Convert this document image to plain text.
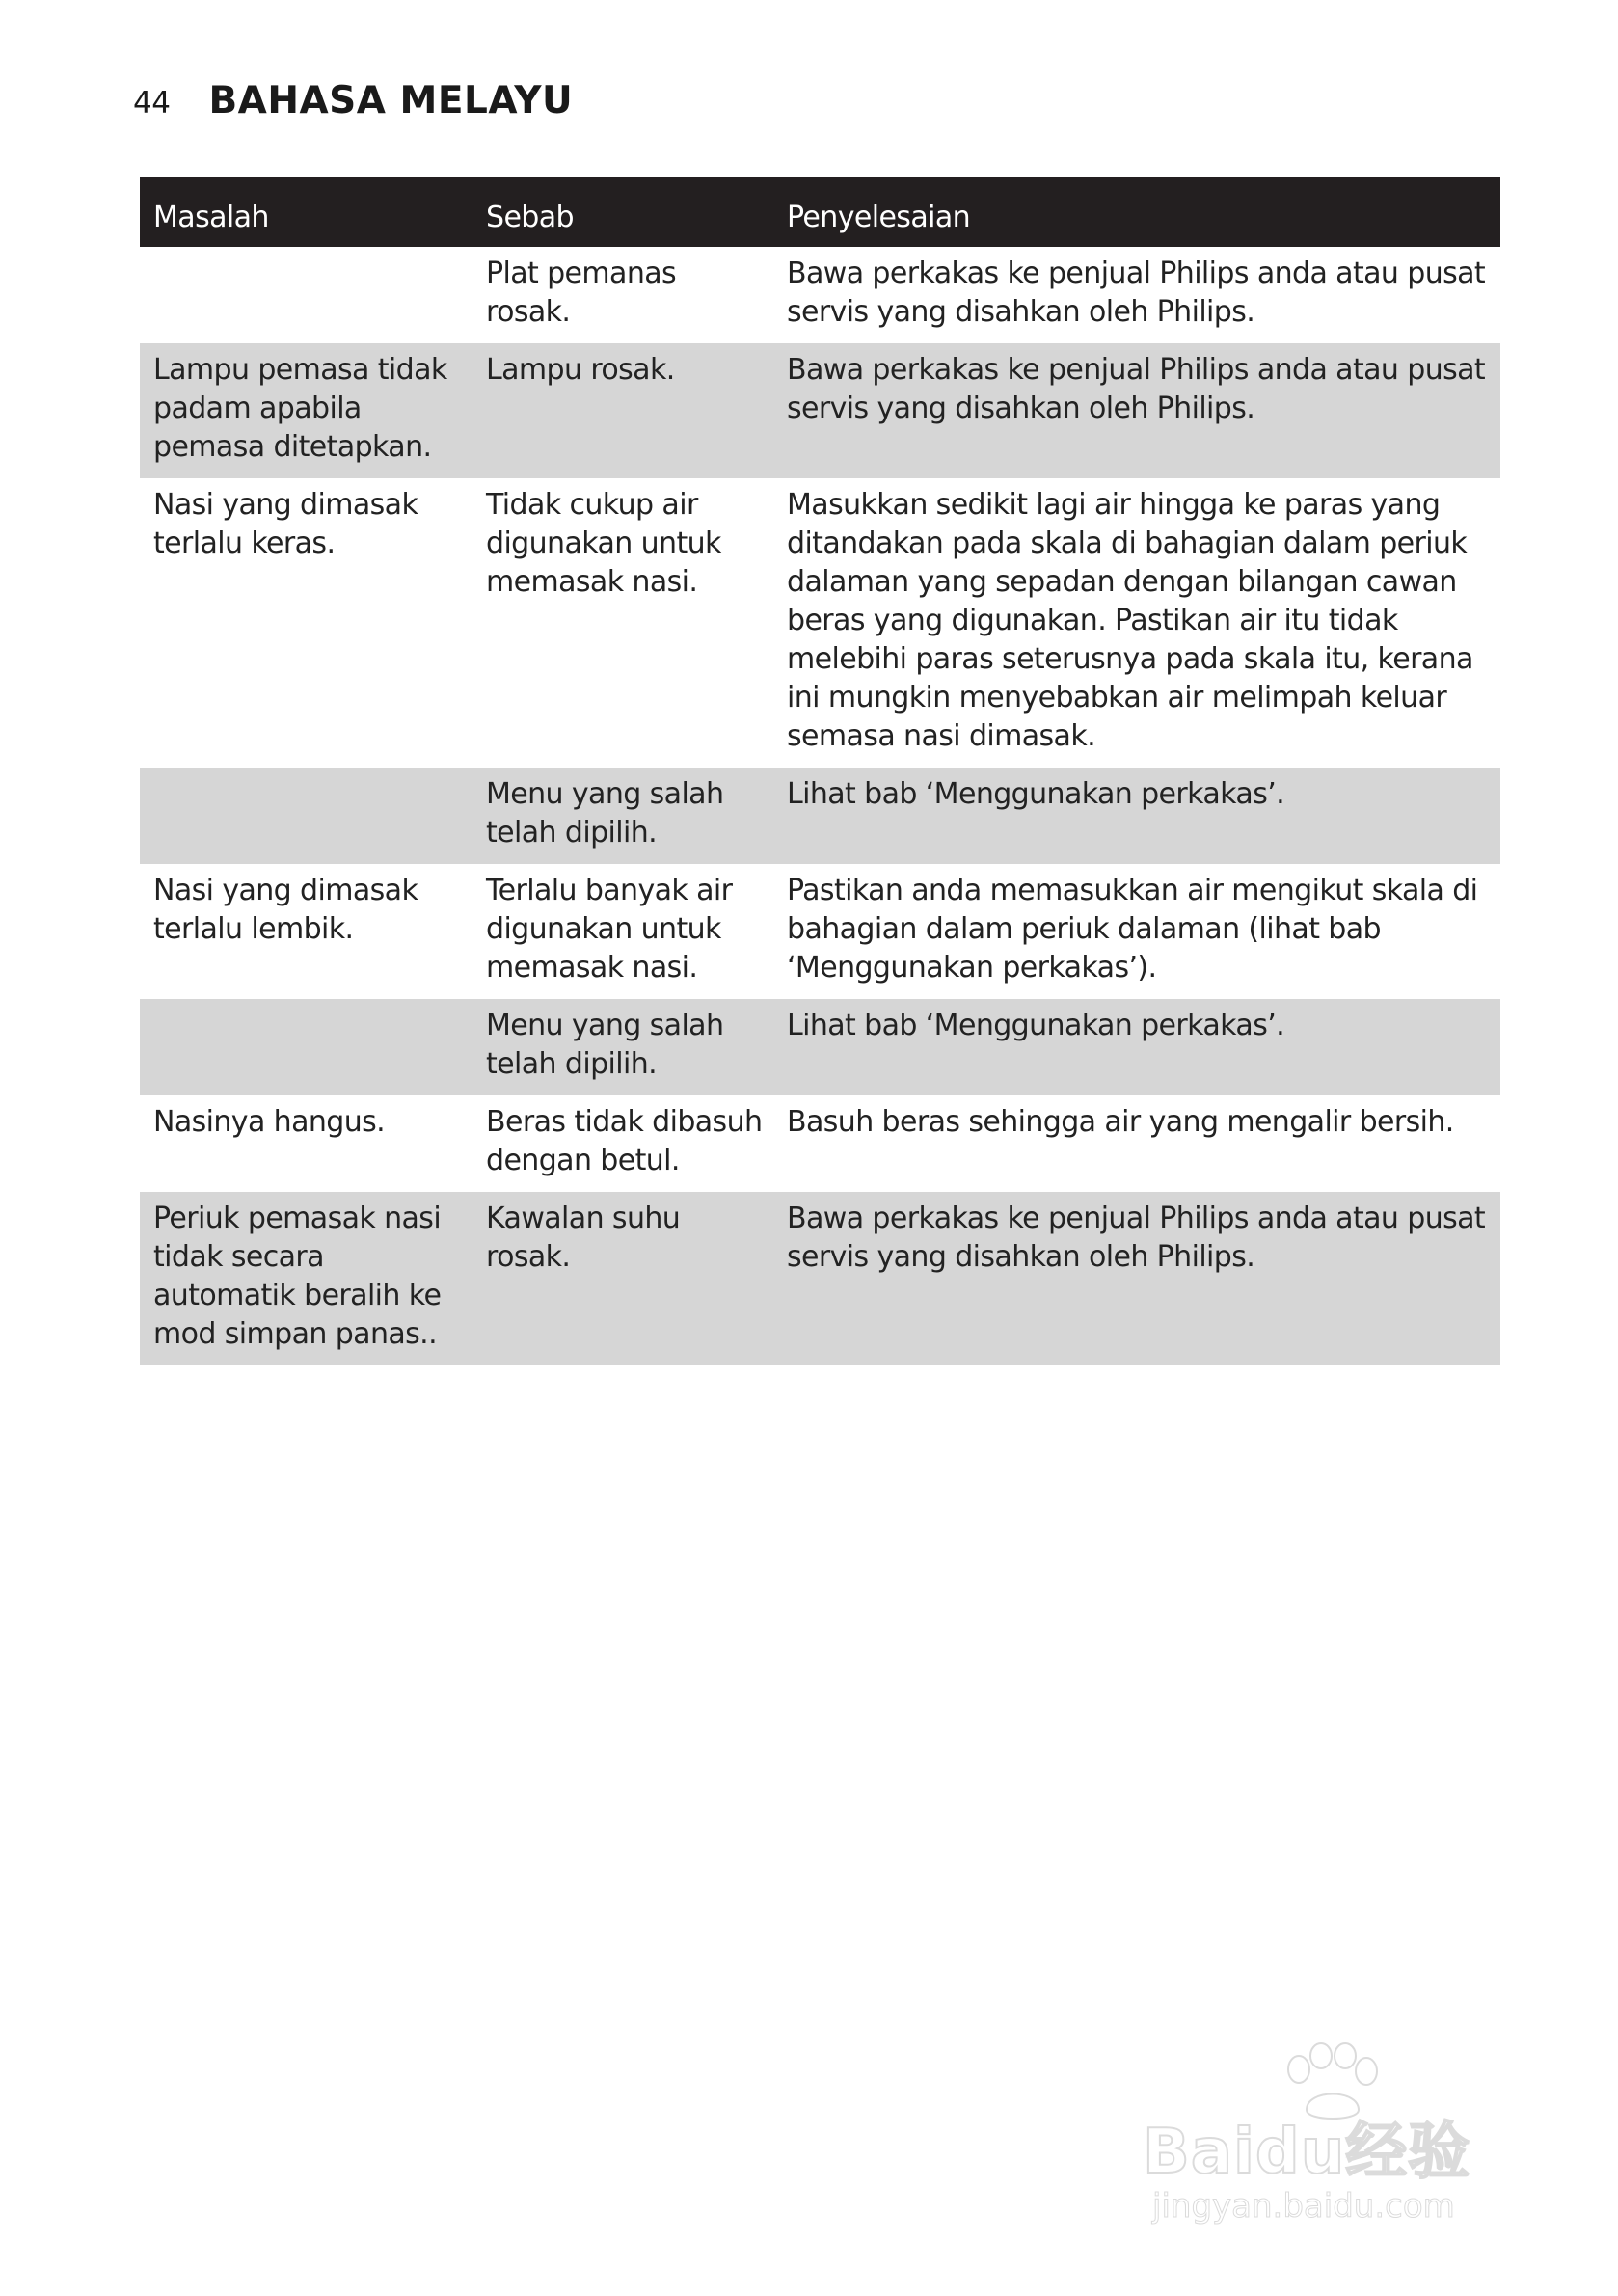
44 BAHASA MELAYU
Masalah	Sebab	Penyelesaian
	Plat pemanas rosak.	Bawa perkakas ke penjual Philips anda atau pusat servis yang disahkan oleh Philips.
Lampu pemasa tidak padam apabila pemasa ditetapkan.	Lampu rosak.	Bawa perkakas ke penjual Philips anda atau pusat servis yang disahkan oleh Philips.
Nasi yang dimasak terlalu keras.	Tidak cukup air digunakan untuk memasak nasi.	Masukkan sedikit lagi air hingga ke paras yang ditandakan pada skala di bahagian dalam periuk dalaman yang sepadan dengan bilangan cawan beras yang digunakan. Pastikan air itu tidak melebihi paras seterusnya pada skala itu, kerana ini mungkin menyebabkan air melimpah keluar semasa nasi dimasak.
	Menu yang salah telah dipilih.	Lihat bab ‘Menggunakan perkakas’.
Nasi yang dimasak terlalu lembik.	Terlalu banyak air digunakan untuk memasak nasi.	Pastikan anda memasukkan air mengikut skala di bahagian dalam periuk dalaman (lihat bab ‘Menggunakan perkakas’).
	Menu yang salah telah dipilih.	Lihat bab ‘Menggunakan perkakas’.
Nasinya hangus.	Beras tidak dibasuh dengan betul.	Basuh beras sehingga air yang mengalir bersih.
Periuk pemasak nasi tidak secara automatik beralih ke mod simpan panas..	Kawalan suhu rosak.	Bawa perkakas ke penjual Philips anda atau pusat servis yang disahkan oleh Philips.
Baidu经验
jingyan.baidu.com
